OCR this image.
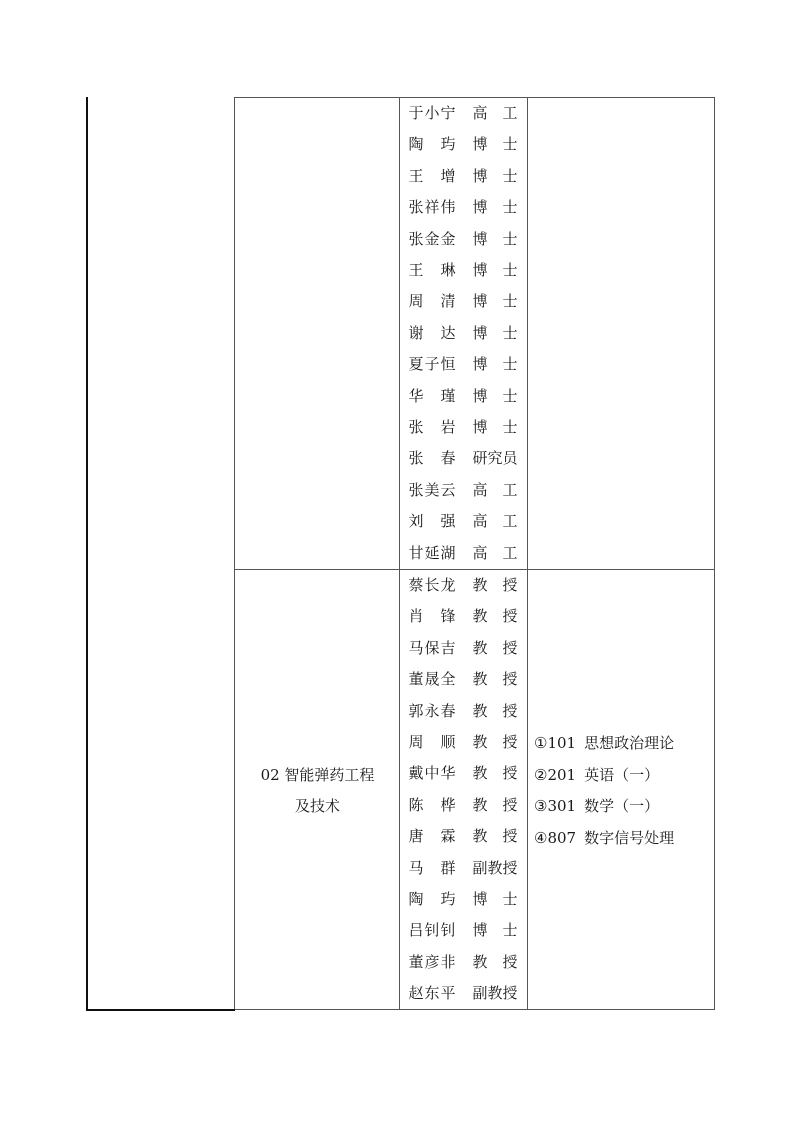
于 小 宁 高 工
陶 玙 博 士
王 增 博 士
张 祥 伟 博 士
张 金 金 博 士
王 琳 博 士
周 清 博 士
谢 达 博 士
夏 子 恒 博 士
华 瑾 博 士
张 岩 博 士
张 春 研 究 员
张 美 云 高 工
刘 强 高 工
甘 延 湖 高 工
02 智能弹药工程
及技术
蔡 长 龙 教 授
肖 锋 教 授
马 保 吉 教 授
董 晟 全 教 授
郭 永 春 教 授
周 顺 教 授
戴 中 华 教 授
陈 桦 教 授
唐 霖 教 授
马 群 副 教 授
陶 玙 博 士
吕 钊 钊 博 士
董 彦 非 教 授
赵 东 平 副 教 授
①101 思想政治理论
②201 英语（一）
③301 数学（一）
④807 数字信号处理
